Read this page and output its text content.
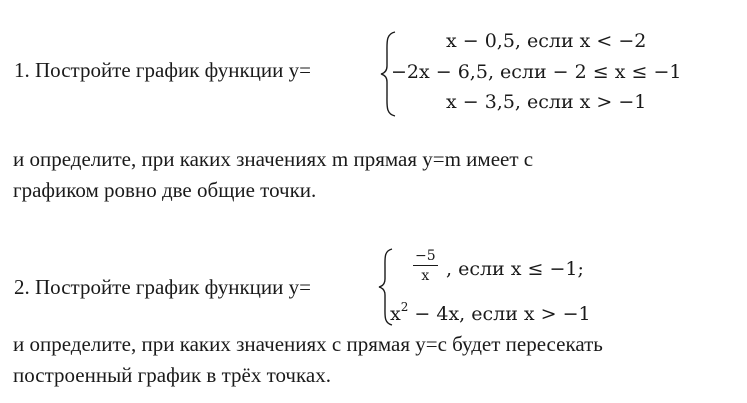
1. Постройте график функции y=
x − 0,5, если x < −2
−2x − 6,5, если − 2 ≤ x ≤ −1
x − 3,5, если x > −1
и определите, при каких значениях m прямая y=m имеет с
графиком ровно две общие точки.
2. Постройте график функции y=
$\frac{-5}{x}$ , если x ≤ −1;
$x^2 - 4x$, если x > −1
и определите, при каких значениях с прямая y=c будет пересекать
построенный график в трёх точках.
